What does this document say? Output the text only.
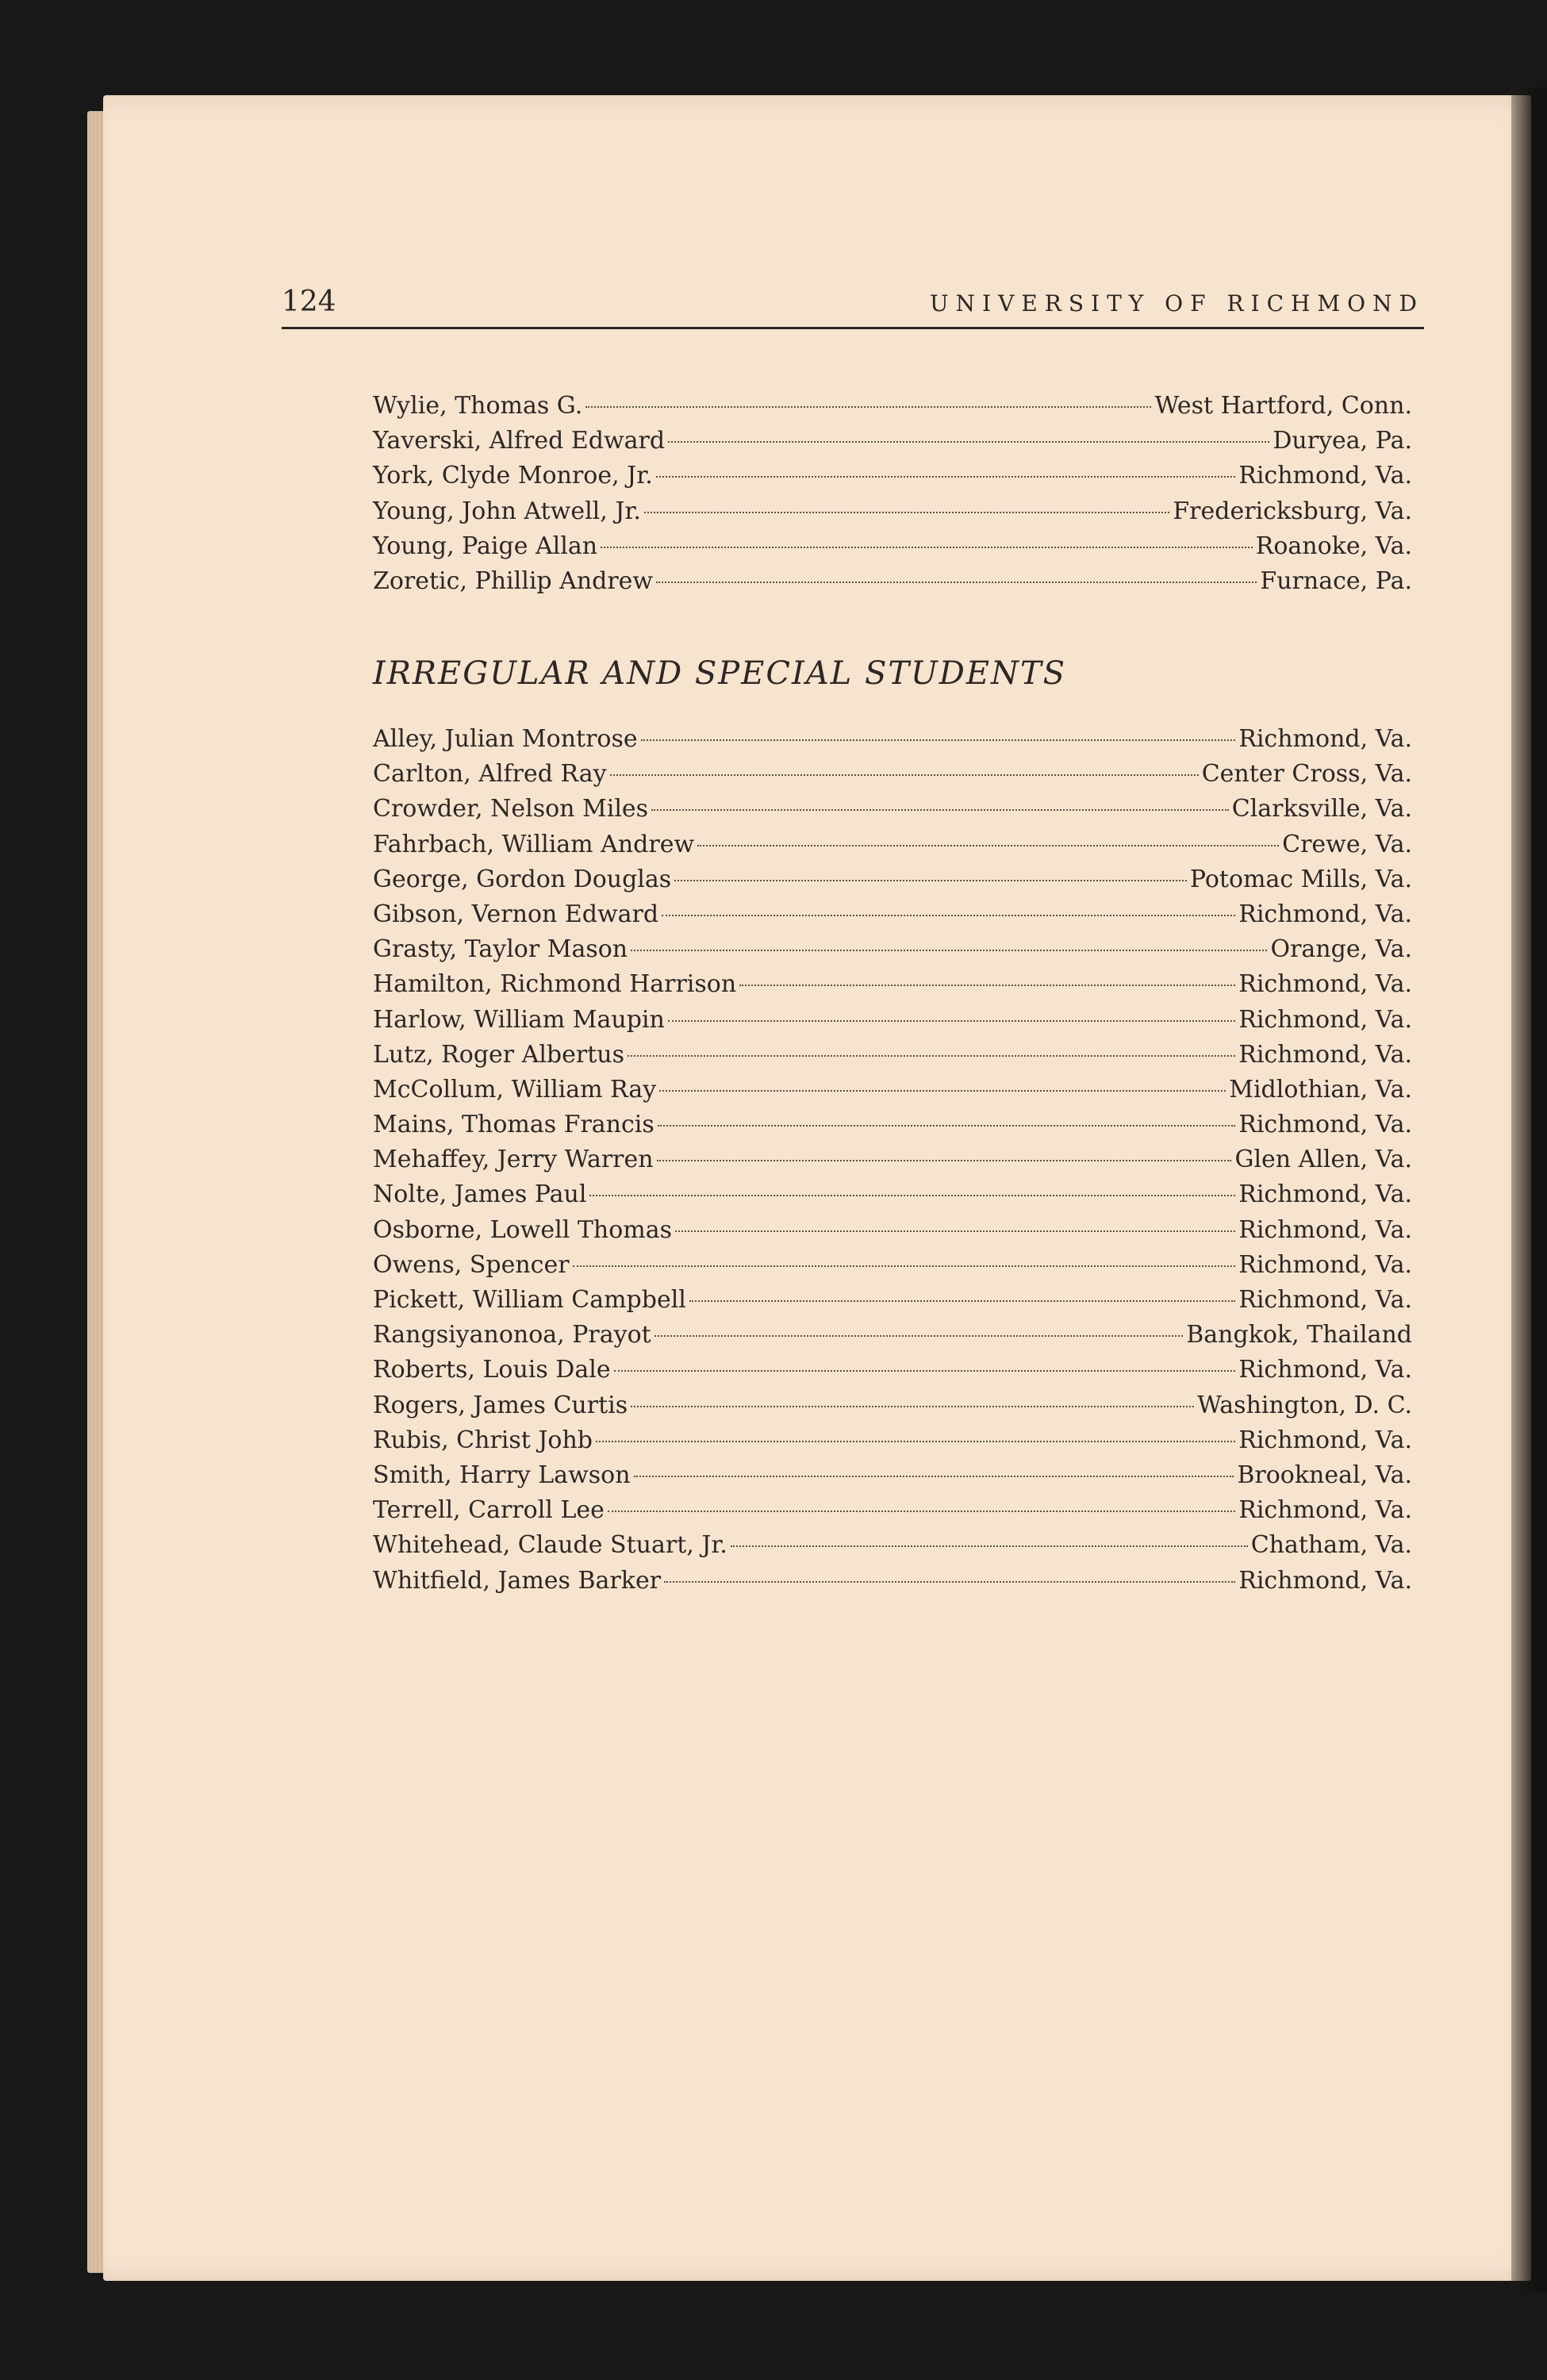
124	UNIVERSITY OF RICHMOND
Wylie, Thomas G.	West Hartford, Conn.
Yaverski, Alfred Edward	Duryea, Pa.
York, Clyde Monroe, Jr.	Richmond, Va.
Young, John Atwell, Jr.	Fredericksburg, Va.
Young, Paige Allan	Roanoke, Va.
Zoretic, Phillip Andrew	Furnace, Pa.
IRREGULAR AND SPECIAL STUDENTS
Alley, Julian Montrose	Richmond, Va.
Carlton, Alfred Ray	Center Cross, Va.
Crowder, Nelson Miles	Clarksville, Va.
Fahrbach, William Andrew	Crewe, Va.
George, Gordon Douglas	Potomac Mills, Va.
Gibson, Vernon Edward	Richmond, Va.
Grasty, Taylor Mason	Orange, Va.
Hamilton, Richmond Harrison	Richmond, Va.
Harlow, William Maupin	Richmond, Va.
Lutz, Roger Albertus	Richmond, Va.
McCollum, William Ray	Midlothian, Va.
Mains, Thomas Francis	Richmond, Va.
Mehaffey, Jerry Warren	Glen Allen, Va.
Nolte, James Paul	Richmond, Va.
Osborne, Lowell Thomas	Richmond, Va.
Owens, Spencer	Richmond, Va.
Pickett, William Campbell	Richmond, Va.
Rangsiyanonoa, Prayot	Bangkok, Thailand
Roberts, Louis Dale	Richmond, Va.
Rogers, James Curtis	Washington, D. C.
Rubis, Christ Johb	Richmond, Va.
Smith, Harry Lawson	Brookneal, Va.
Terrell, Carroll Lee	Richmond, Va.
Whitehead, Claude Stuart, Jr.	Chatham, Va.
Whitfield, James Barker	Richmond, Va.
